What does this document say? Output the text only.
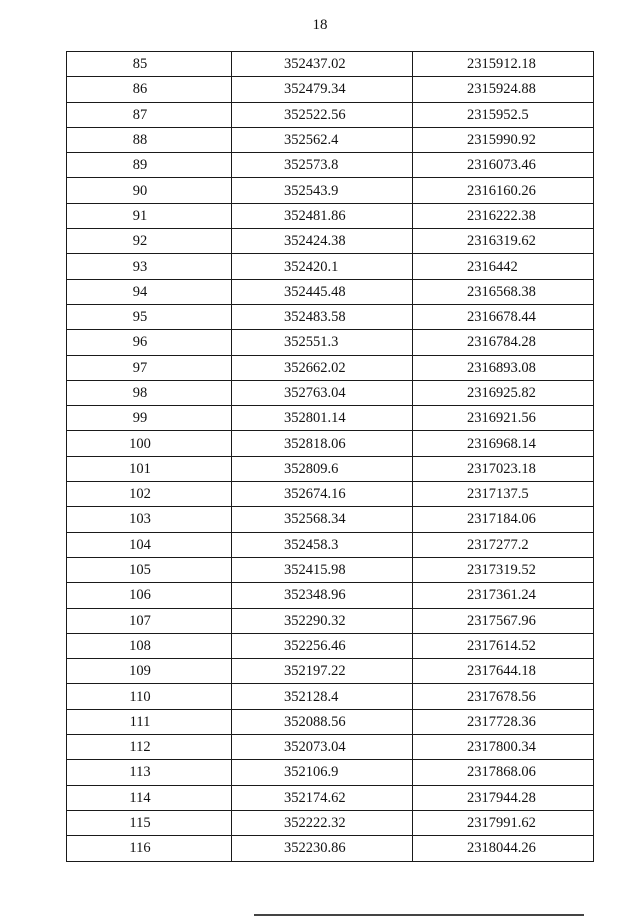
18
85	352437.02	2315912.18
86	352479.34	2315924.88
87	352522.56	2315952.5
88	352562.4	2315990.92
89	352573.8	2316073.46
90	352543.9	2316160.26
91	352481.86	2316222.38
92	352424.38	2316319.62
93	352420.1	2316442
94	352445.48	2316568.38
95	352483.58	2316678.44
96	352551.3	2316784.28
97	352662.02	2316893.08
98	352763.04	2316925.82
99	352801.14	2316921.56
100	352818.06	2316968.14
101	352809.6	2317023.18
102	352674.16	2317137.5
103	352568.34	2317184.06
104	352458.3	2317277.2
105	352415.98	2317319.52
106	352348.96	2317361.24
107	352290.32	2317567.96
108	352256.46	2317614.52
109	352197.22	2317644.18
110	352128.4	2317678.56
111	352088.56	2317728.36
112	352073.04	2317800.34
113	352106.9	2317868.06
114	352174.62	2317944.28
115	352222.32	2317991.62
116	352230.86	2318044.26
